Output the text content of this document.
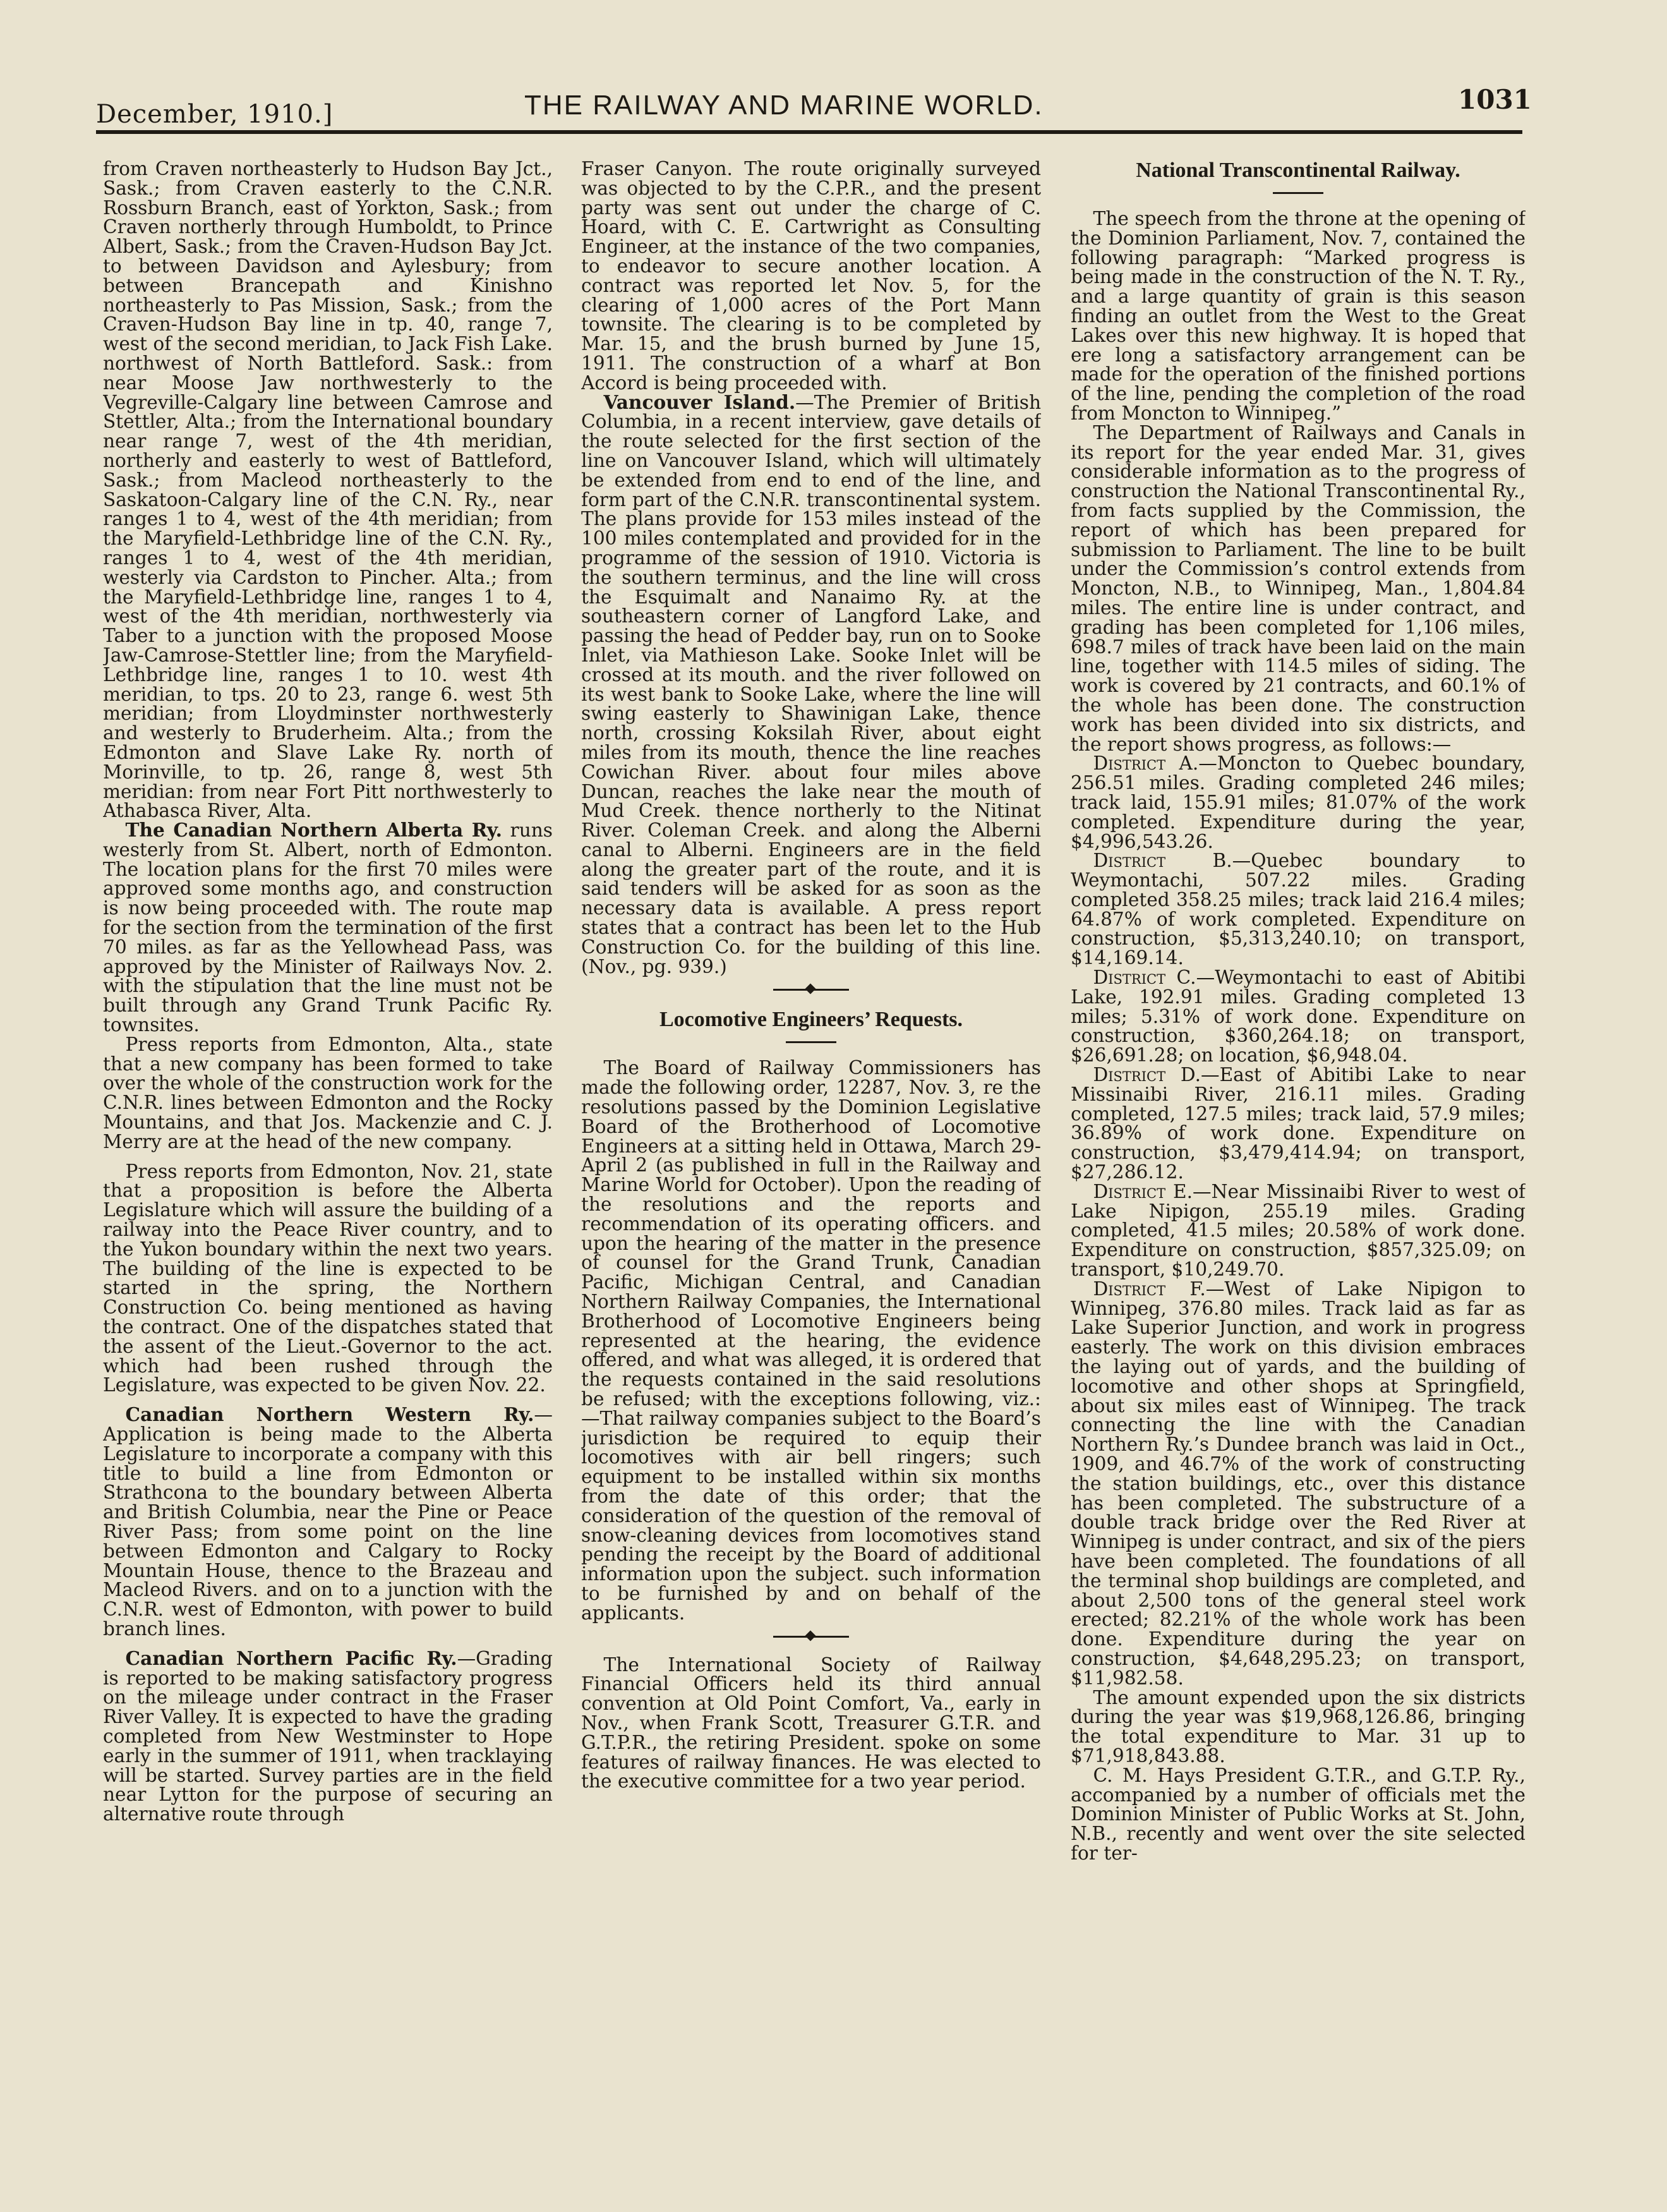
December, 1910.]	THE RAILWAY AND MARINE WORLD.	1031

from Craven northeasterly to Hudson Bay Jct., Sask.; from Craven easterly to the C.N.R. Rossburn Branch, east of Yorkton, Sask.; from Craven northerly through Humboldt, to Prince Albert, Sask.; from the Craven-Hudson Bay Jct. to between Davidson and Aylesbury; from between Brancepath and Kinishno northeasterly to Pas Mission, Sask.; from the Craven-Hudson Bay line in tp. 40, range 7, west of the second meridian, to Jack Fish Lake. northwest of North Battleford. Sask.: from near Moose Jaw northwesterly to the Vegreville-Calgary line between Camrose and Stettler, Alta.; from the International boundary near range 7, west of the 4th meridian, northerly and easterly to west of Battleford, Sask.; from Macleod northeasterly to the Saskatoon-Calgary line of the C.N. Ry., near ranges 1 to 4, west of the 4th meridian; from the Maryfield-Lethbridge line of the C.N. Ry., ranges 1 to 4, west of the 4th meridian, westerly via Cardston to Pincher. Alta.; from the Maryfield-Lethbridge line, ranges 1 to 4, west of the 4th meridian, northwesterly via Taber to a junction with the proposed Moose Jaw-Camrose-Stettler line; from the Maryfield-Lethbridge line, ranges 1 to 10. west 4th meridian, to tps. 20 to 23, range 6. west 5th meridian; from Lloydminster northwesterly and westerly to Bruderheim. Alta.; from the Edmonton and Slave Lake Ry. north of Morinville, to tp. 26, range 8, west 5th meridian: from near Fort Pitt northwesterly to Athabasca River, Alta.

The Canadian Northern Alberta Ry. runs westerly from St. Albert, north of Edmonton. The location plans for the first 70 miles were approved some months ago, and construction is now being proceeded with. The route map for the section from the termination of the first 70 miles. as far as the Yellowhead Pass, was approved by the Minister of Railways Nov. 2. with the stipulation that the line must not be built through any Grand Trunk Pacific Ry. townsites.

Press reports from Edmonton, Alta., state that a new company has been formed to take over the whole of the construction work for the C.N.R. lines between Edmonton and the Rocky Mountains, and that Jos. Mackenzie and C. J. Merry are at the head of the new company.

Press reports from Edmonton, Nov. 21, state that a proposition is before the Alberta Legislature which will assure the building of a railway into the Peace River country, and to the Yukon boundary within the next two years. The building of the line is expected to be started in the spring, the Northern Construction Co. being mentioned as having the contract. One of the dispatches stated that the assent of the Lieut.-Governor to the act. which had been rushed through the Legislature, was expected to be given Nov. 22.

Canadian Northern Western Ry.—Application is being made to the Alberta Legislature to incorporate a company with this title to build a line from Edmonton or Strathcona to the boundary between Alberta and British Columbia, near the Pine or Peace River Pass; from some point on the line between Edmonton and Calgary to Rocky Mountain House, thence to the Brazeau and Macleod Rivers. and on to a junction with the C.N.R. west of Edmonton, with power to build branch lines.

Canadian Northern Pacific Ry.—Grading is reported to be making satisfactory progress on the mileage under contract in the Fraser River Valley. It is expected to have the grading completed from New Westminster to Hope early in the summer of 1911, when tracklaying will be started. Survey parties are in the field near Lytton for the purpose of securing an alternative route through

Fraser Canyon. The route originally surveyed was objected to by the C.P.R., and the present party was sent out under the charge of C. Hoard, with C. E. Cartwright as Consulting Engineer, at the instance of the two companies, to endeavor to secure another location. A contract was reported let Nov. 5, for the clearing of 1,000 acres of the Port Mann townsite. The clearing is to be completed by Mar. 15, and the brush burned by June 15, 1911. The construction of a wharf at Bon Accord is being proceeded with.

Vancouver Island.—The Premier of British Columbia, in a recent interview, gave details of the route selected for the first section of the line on Vancouver Island, which will ultimately be extended from end to end of the line, and form part of the C.N.R. transcontinental system. The plans provide for 153 miles instead of the 100 miles contemplated and provided for in the programme of the session of 1910. Victoria is the southern terminus, and the line will cross the Esquimalt and Nanaimo Ry. at the southeastern corner of Langford Lake, and passing the head of Pedder bay, run on to Sooke Inlet, via Mathieson Lake. Sooke Inlet will be crossed at its mouth. and the river followed on its west bank to Sooke Lake, where the line will swing easterly to Shawinigan Lake, thence north, crossing Koksilah River, about eight miles from its mouth, thence the line reaches Cowichan River. about four miles above Duncan, reaches the lake near the mouth of Mud Creek. thence northerly to the Nitinat River. Coleman Creek. and along the Alberni canal to Alberni. Engineers are in the field along the greater part of the route, and it is said tenders will be asked for as soon as the necessary data is available. A press report states that a contract has been let to the Hub Construction Co. for the building of this line. (Nov., pg. 939.)

Locomotive Engineers’ Requests.

The Board of Railway Commissioners has made the following order, 12287, Nov. 3, re the resolutions passed by the Dominion Legislative Board of the Brotherhood of Locomotive Engineers at a sitting held in Ottawa, March 29-April 2 (as published in full in the Railway and Marine World for October). Upon the reading of the resolutions and the reports and recommendation of its operating officers. and upon the hearing of the matter in the presence of counsel for the Grand Trunk, Canadian Pacific, Michigan Central, and Canadian Northern Railway Companies, the International Brotherhood of Locomotive Engineers being represented at the hearing, the evidence offered, and what was alleged, it is ordered that the requests contained in the said resolutions be refused; with the exceptions following, viz.: —That railway companies subject to the Board’s jurisdiction be required to equip their locomotives with air bell ringers; such equipment to be installed within six months from the date of this order; that the consideration of the question of the removal of snow-cleaning devices from locomotives stand pending the receipt by the Board of additional information upon the subject. such information to be furnished by and on behalf of the applicants.

The International Society of Railway Financial Officers held its third annual convention at Old Point Comfort, Va., early in Nov., when Frank Scott, Treasurer G.T.R. and G.T.P.R., the retiring President. spoke on some features of railway finances. He was elected to the executive committee for a two year period.

National Transcontinental Railway.

The speech from the throne at the opening of the Dominion Parliament, Nov. 7, contained the following paragraph: “Marked progress is being made in the construction of the N. T. Ry., and a large quantity of grain is this season finding an outlet from the West to the Great Lakes over this new highway. It is hoped that ere long a satisfactory arrangement can be made for the operation of the finished portions of the line, pending the completion of the road from Moncton to Winnipeg.”

The Department of Railways and Canals in its report for the year ended Mar. 31, gives considerable information as to the progress of construction the National Transcontinental Ry., from facts supplied by the Commission, the report of which has been prepared for submission to Parliament. The line to be built under the Commission’s control extends from Moncton, N.B., to Winnipeg, Man., 1,804.84 miles. The entire line is under contract, and grading has been completed for 1,106 miles, 698.7 miles of track have been laid on the main line, together with 114.5 miles of siding. The work is covered by 21 contracts, and 60.1% of the whole has been done. The construction work has been divided into six districts, and the report shows progress, as follows:—

District A.—Moncton to Quebec boundary, 256.51 miles. Grading completed 246 miles; track laid, 155.91 miles; 81.07% of the work completed. Expenditure during the year, $4,996,543.26.

District B.—Quebec boundary to Weymontachi, 507.22 miles. Grading completed 358.25 miles; track laid 216.4 miles; 64.87% of work completed. Expenditure on construction, $5,313,240.10; on transport, $14,169.14.

District C.—Weymontachi to east of Abitibi Lake, 192.91 miles. Grading completed 13 miles; 5.31% of work done. Expenditure on construction, $360,264.18; on transport, $26,691.28; on location, $6,948.04.

District D.—East of Abitibi Lake to near Missinaibi River, 216.11 miles. Grading completed, 127.5 miles; track laid, 57.9 miles; 36.89% of work done. Expenditure on construction, $3,479,414.94; on transport, $27,286.12.

District E.—Near Missinaibi River to west of Lake Nipigon, 255.19 miles. Grading completed, 41.5 miles; 20.58% of work done. Expenditure on construction, $857,325.09; on transport, $10,249.70.

District F.—West of Lake Nipigon to Winnipeg, 376.80 miles. Track laid as far as Lake Superior Junction, and work in progress easterly. The work on this division embraces the laying out of yards, and the building of locomotive and other shops at Springfield, about six miles east of Winnipeg. The track connecting the line with the Canadian Northern Ry.’s Dundee branch was laid in Oct., 1909, and 46.7% of the work of constructing the station buildings, etc., over this distance has been completed. The substructure of a double track bridge over the Red River at Winnipeg is under contract, and six of the piers have been completed. The foundations of all the terminal shop buildings are completed, and about 2,500 tons of the general steel work erected; 82.21% of the whole work has been done. Expenditure during the year on construction, $4,648,295.23; on transport, $11,982.58.

The amount expended upon the six districts during the year was $19,968,126.86, bringing the total expenditure to Mar. 31 up to $71,918,843.88.

C. M. Hays President G.T.R., and G.T.P. Ry., accompanied by a number of officials met the Dominion Minister of Public Works at St. John, N.B., recently and went over the site selected for ter-
